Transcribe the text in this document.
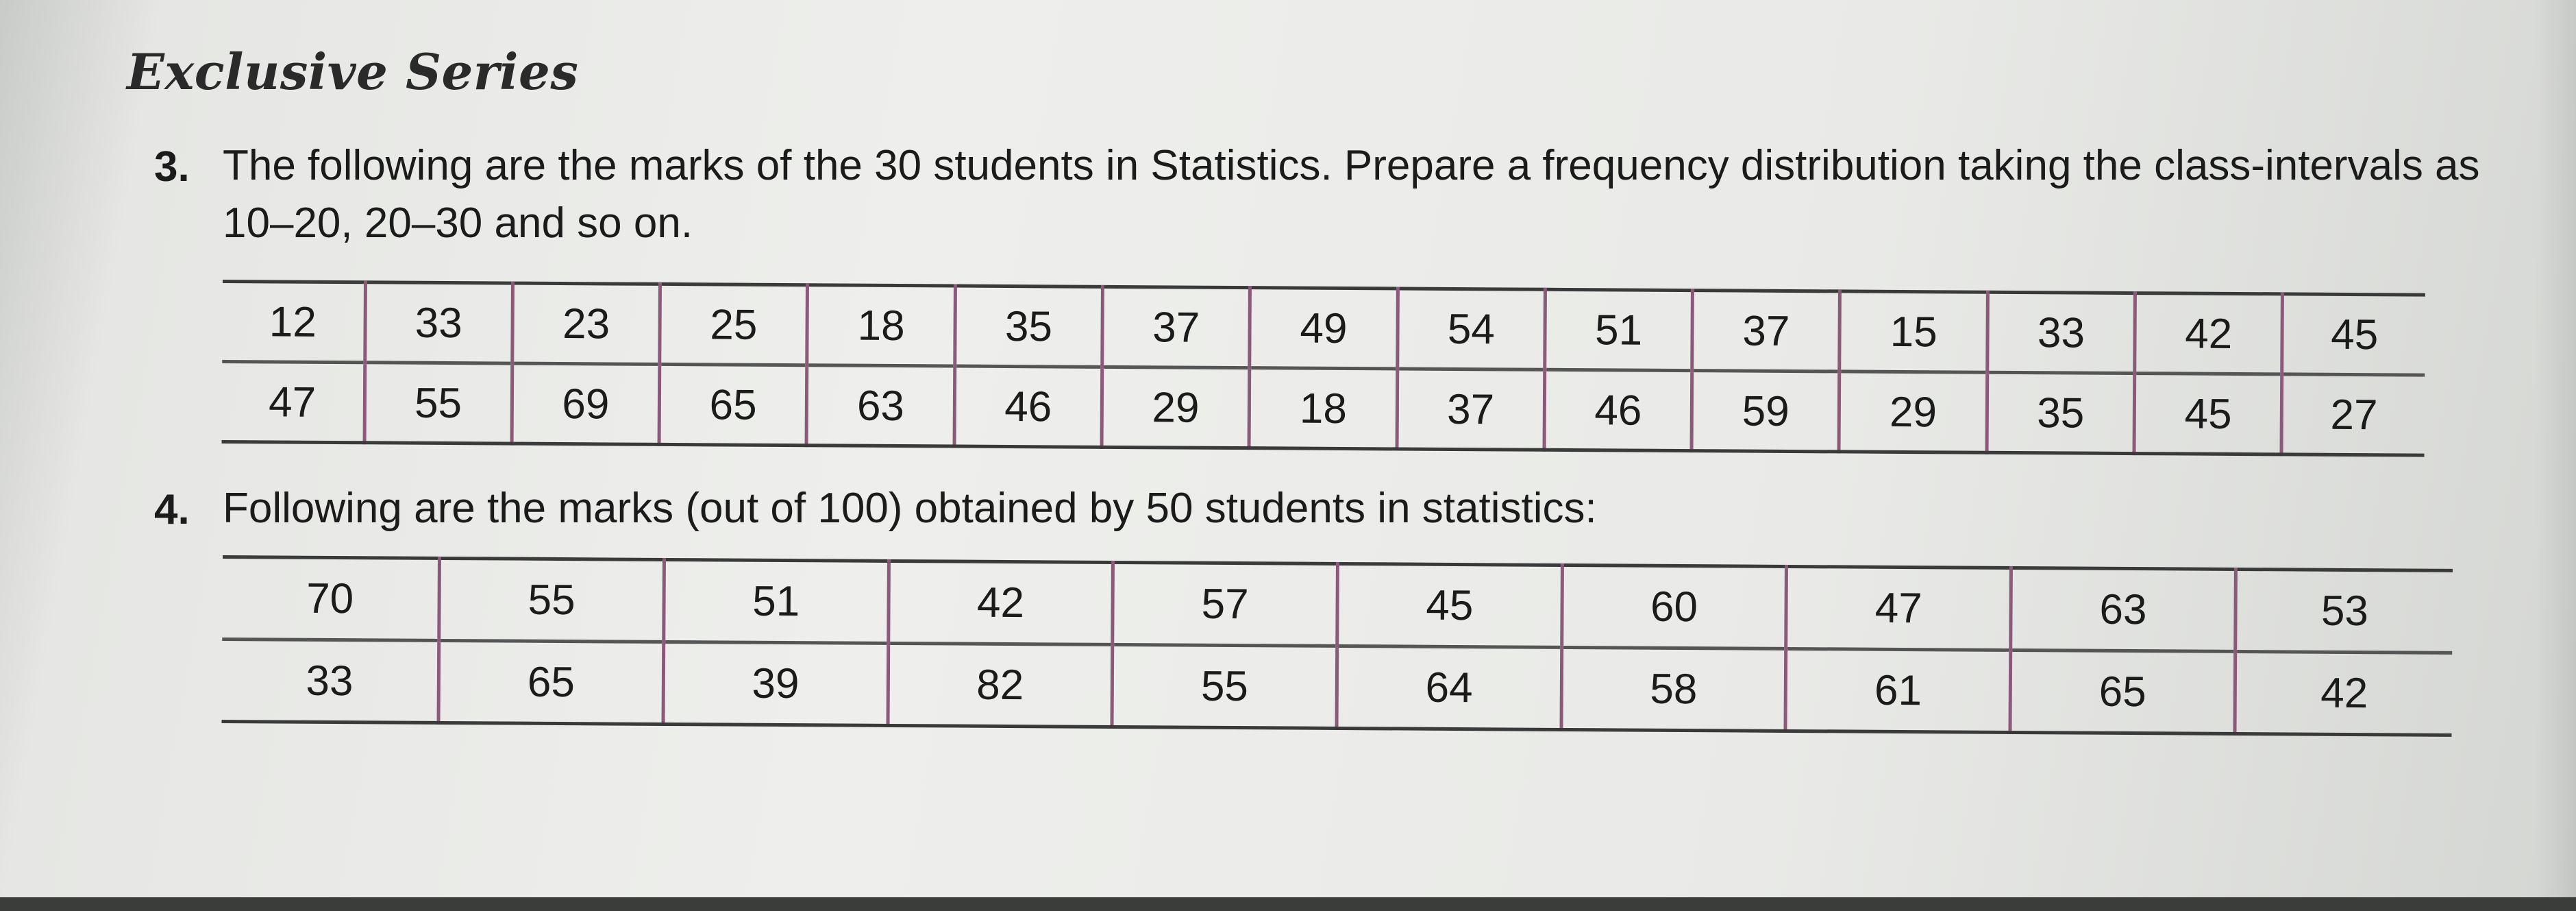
Exclusive Series
3. The following are the marks of the 30 students in Statistics. Prepare a frequency distribution taking the class-intervals as 10–20, 20–30 and so on.

12	33	23	25	18	35	37	49	54	51	37	15	33	42	45
47	55	69	65	63	46	29	18	37	46	59	29	35	45	27
4. Following are the marks (out of 100) obtained by 50 students in statistics:

70	55	51	42	57	45	60	47	63	53
33	65	39	82	55	64	58	61	65	42
